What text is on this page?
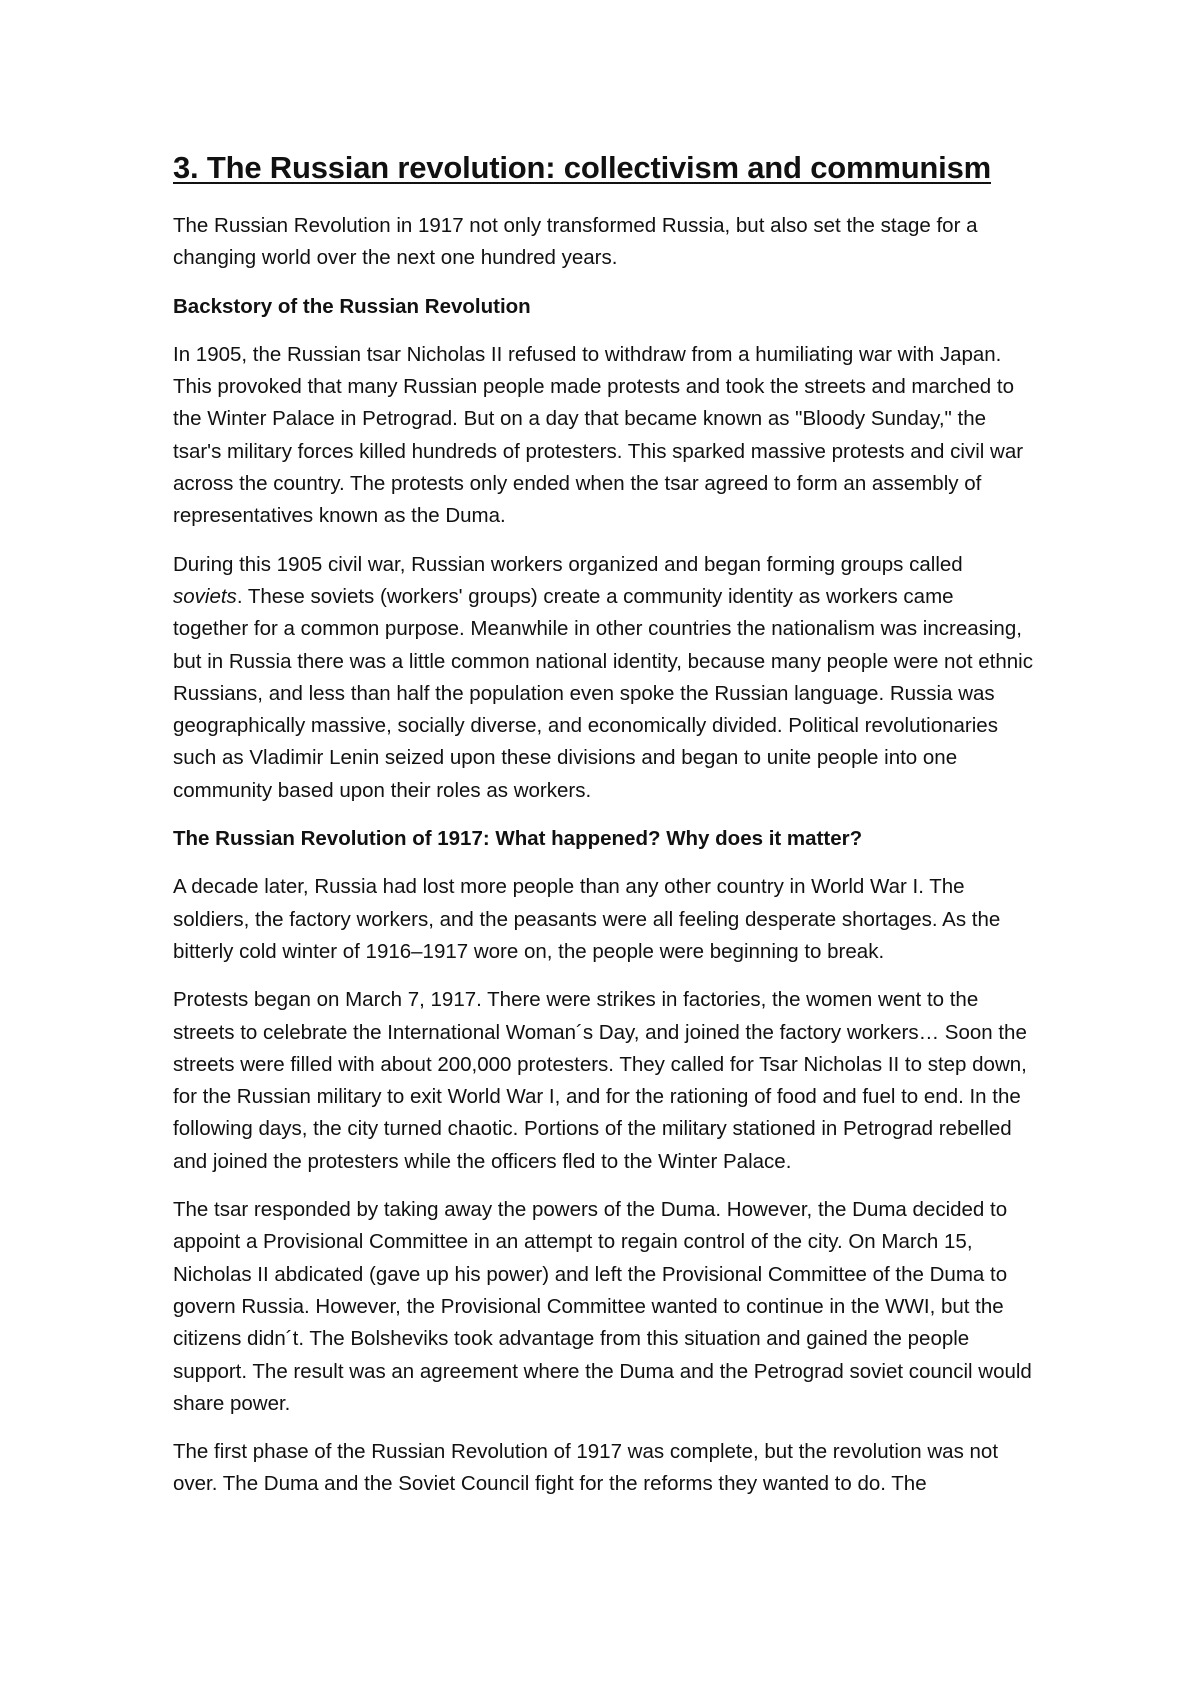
3. The Russian revolution: collectivism and communism

The Russian Revolution in 1917 not only transformed Russia, but also set the stage for a changing world over the next one hundred years.

Backstory of the Russian Revolution

In 1905, the Russian tsar Nicholas II refused to withdraw from a humiliating war with Japan. This provoked that many Russian people made protests and took the streets and marched to the Winter Palace in Petrograd. But on a day that became known as "Bloody Sunday," the tsar's military forces killed hundreds of protesters. This sparked massive protests and civil war across the country. The protests only ended when the tsar agreed to form an assembly of representatives known as the Duma.

During this 1905 civil war, Russian workers organized and began forming groups called soviets. These soviets (workers' groups) create a community identity as workers came together for a common purpose. Meanwhile in other countries the nationalism was increasing, but in Russia there was a little common national identity, because many people were not ethnic Russians, and less than half the population even spoke the Russian language. Russia was geographically massive, socially diverse, and economically divided. Political revolutionaries such as Vladimir Lenin seized upon these divisions and began to unite people into one community based upon their roles as workers.

The Russian Revolution of 1917: What happened? Why does it matter?

A decade later, Russia had lost more people than any other country in World War I. The soldiers, the factory workers, and the peasants were all feeling desperate shortages. As the bitterly cold winter of 1916–1917 wore on, the people were beginning to break.

Protests began on March 7, 1917. There were strikes in factories, the women went to the streets to celebrate the International Woman´s Day, and joined the factory workers… Soon the streets were filled with about 200,000 protesters. They called for Tsar Nicholas II to step down, for the Russian military to exit World War I, and for the rationing of food and fuel to end. In the following days, the city turned chaotic. Portions of the military stationed in Petrograd rebelled and joined the protesters while the officers fled to the Winter Palace.

The tsar responded by taking away the powers of the Duma. However, the Duma decided to appoint a Provisional Committee in an attempt to regain control of the city. On March 15, Nicholas II abdicated (gave up his power) and left the Provisional Committee of the Duma to govern Russia. However, the Provisional Committee wanted to continue in the WWI, but the citizens didn´t. The Bolsheviks took advantage from this situation and gained the people support. The result was an agreement where the Duma and the Petrograd soviet council would share power.

The first phase of the Russian Revolution of 1917 was complete, but the revolution was not over. The Duma and the Soviet Council fight for the reforms they wanted to do. The
